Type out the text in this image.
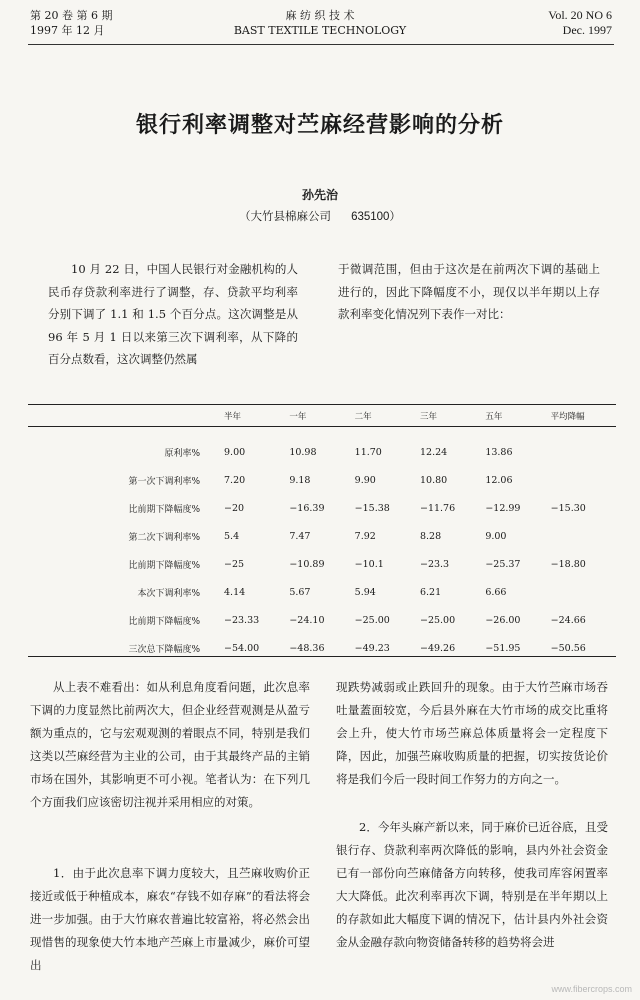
第 20 卷 第 6 期
1997 年 12 月
麻 纺 织 技 术
BAST TEXTILE TECHNOLOGY
Vol. 20 NO 6
Dec. 1997
银行利率调整对苎麻经营影响的分析
孙先治
（大竹县棉麻公司 635100）

10 月 22 日，中国人民银行对金融机构的人民币存贷款利率进行了调整，存、贷款平均利率分别下调了 1.1 和 1.5 个百分点。这次调整是从 96 年 5 月 1 日以来第三次下调利率，从下降的百分点数看，这次调整仍然属

于微调范围，但由于这次是在前两次下调的基础上进行的，因此下降幅度不小，现仅以半年期以上存款利率变化情况列下表作一对比：

	半年	一年	二年	三年	五年	平均降幅
原利率%	9.00	10.98	11.70	12.24	13.86	
第一次下调利率%	7.20	9.18	9.90	10.80	12.06	
比前期下降幅度%	−20	−16.39	−15.38	−11.76	−12.99	−15.30
第二次下调利率%	5.4	7.47	7.92	8.28	9.00	
比前期下降幅度%	−25	−10.89	−10.1	−23.3	−25.37	−18.80
本次下调利率%	4.14	5.67	5.94	6.21	6.66	
比前期下降幅度%	−23.33	−24.10	−25.00	−25.00	−26.00	−24.66
三次总下降幅度%	−54.00	−48.36	−49.23	−49.26	−51.95	−50.56

从上表不难看出：如从利息角度看问题，此次息率下调的力度显然比前两次大，但企业经营观测是从盈亏额为重点的，它与宏观观测的着眼点不同，特别是我们这类以苎麻经营为主业的公司，由于其最终产品的主销市场在国外，其影响更不可小视。笔者认为：在下列几个方面我们应该密切注视并采用相应的对策。

1．由于此次息率下调力度较大，且苎麻收购价正接近或低于种植成本，麻农“存钱不如存麻”的看法将会进一步加强。由于大竹麻农普遍比较富裕，将必然会出现惜售的现象使大竹本地产苎麻上市量减少，麻价可望出

现跌势减弱或止跌回升的现象。由于大竹苎麻市场吞吐量蓋面较宽，今后县外麻在大竹市场的成交比重将会上升，使大竹市场苎麻总体质量将会一定程度下降，因此，加强苎麻收购质量的把握，切实按货论价将是我们今后一段时间工作努力的方向之一。

2．今年头麻产新以来，同于麻价已近谷底，且受银行存、贷款利率两次降低的影响，县内外社会资金已有一部份向苎麻储备方向转移，使我司库容闲置率大大降低。此次利率再次下调，特别是在半年期以上的存款如此大幅度下调的情况下，估计县内外社会资金从金融存款向物资储备转移的趋势将会进

www.fibercrops.com
